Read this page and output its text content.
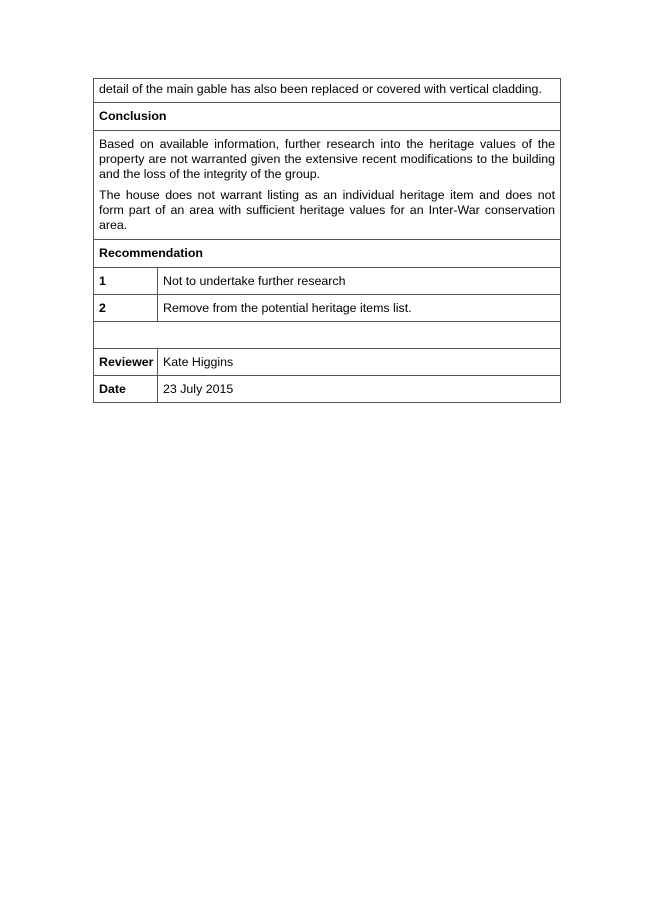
detail of the main gable has also been replaced or covered with vertical cladding.	
Conclusion	

Based on available information, further research into the heritage values of the property are not warranted given the extensive recent modifications to the building and the loss of the integrity of the group.

The house does not warrant listing as an individual heritage item and does not form part of an area with sufficient heritage values for an Inter-War conservation area.	

Recommendation	
1	Not to undertake further research
2	Remove from the potential heritage items list.

Reviewer	Kate Higgins
Date	23 July 2015
